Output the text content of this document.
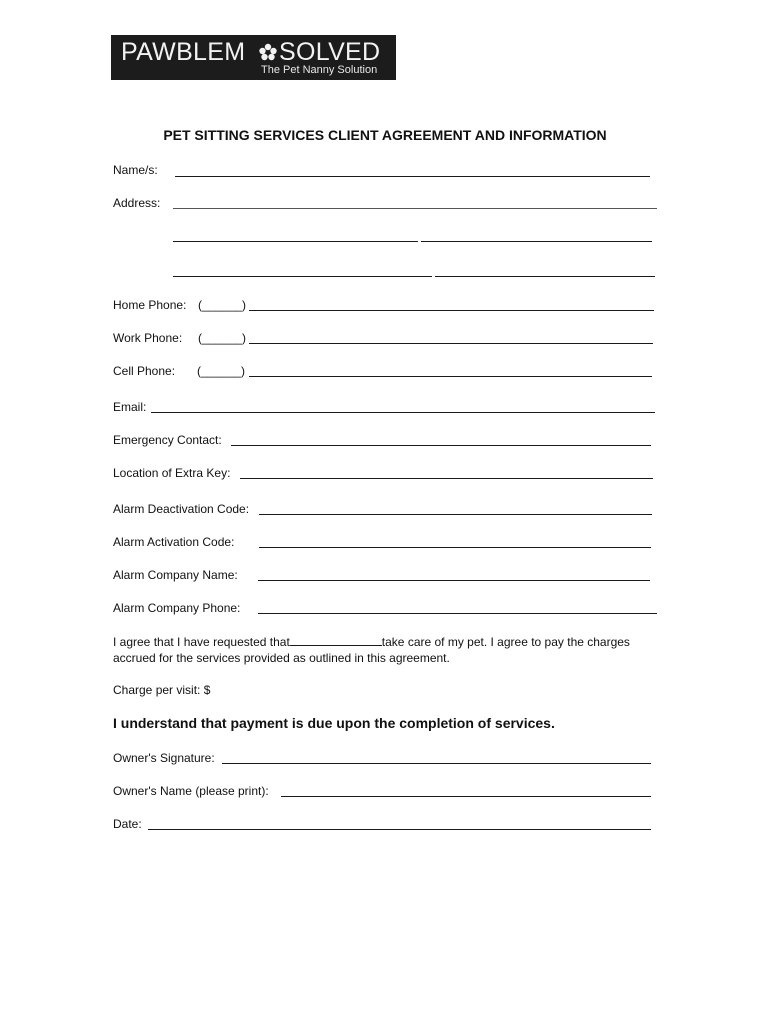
PAWBLEM SOLVED
The Pet Nanny Solution
PET SITTING SERVICES CLIENT AGREEMENT AND INFORMATION
Name/s:
Address:
Home Phone: (______)
Work Phone: (______)
Cell Phone: (______)
Email:
Emergency Contact:
Location of Extra Key:
Alarm Deactivation Code:
Alarm Activation Code:
Alarm Company Name:
Alarm Company Phone:
I agree that I have requested that	take care of my pet. I agree to pay the charges accrued for the services provided as outlined in this agreement.
Charge per visit: $
I understand that payment is due upon the completion of services.
Owner's Signature:
Owner's Name (please print):
Date:
